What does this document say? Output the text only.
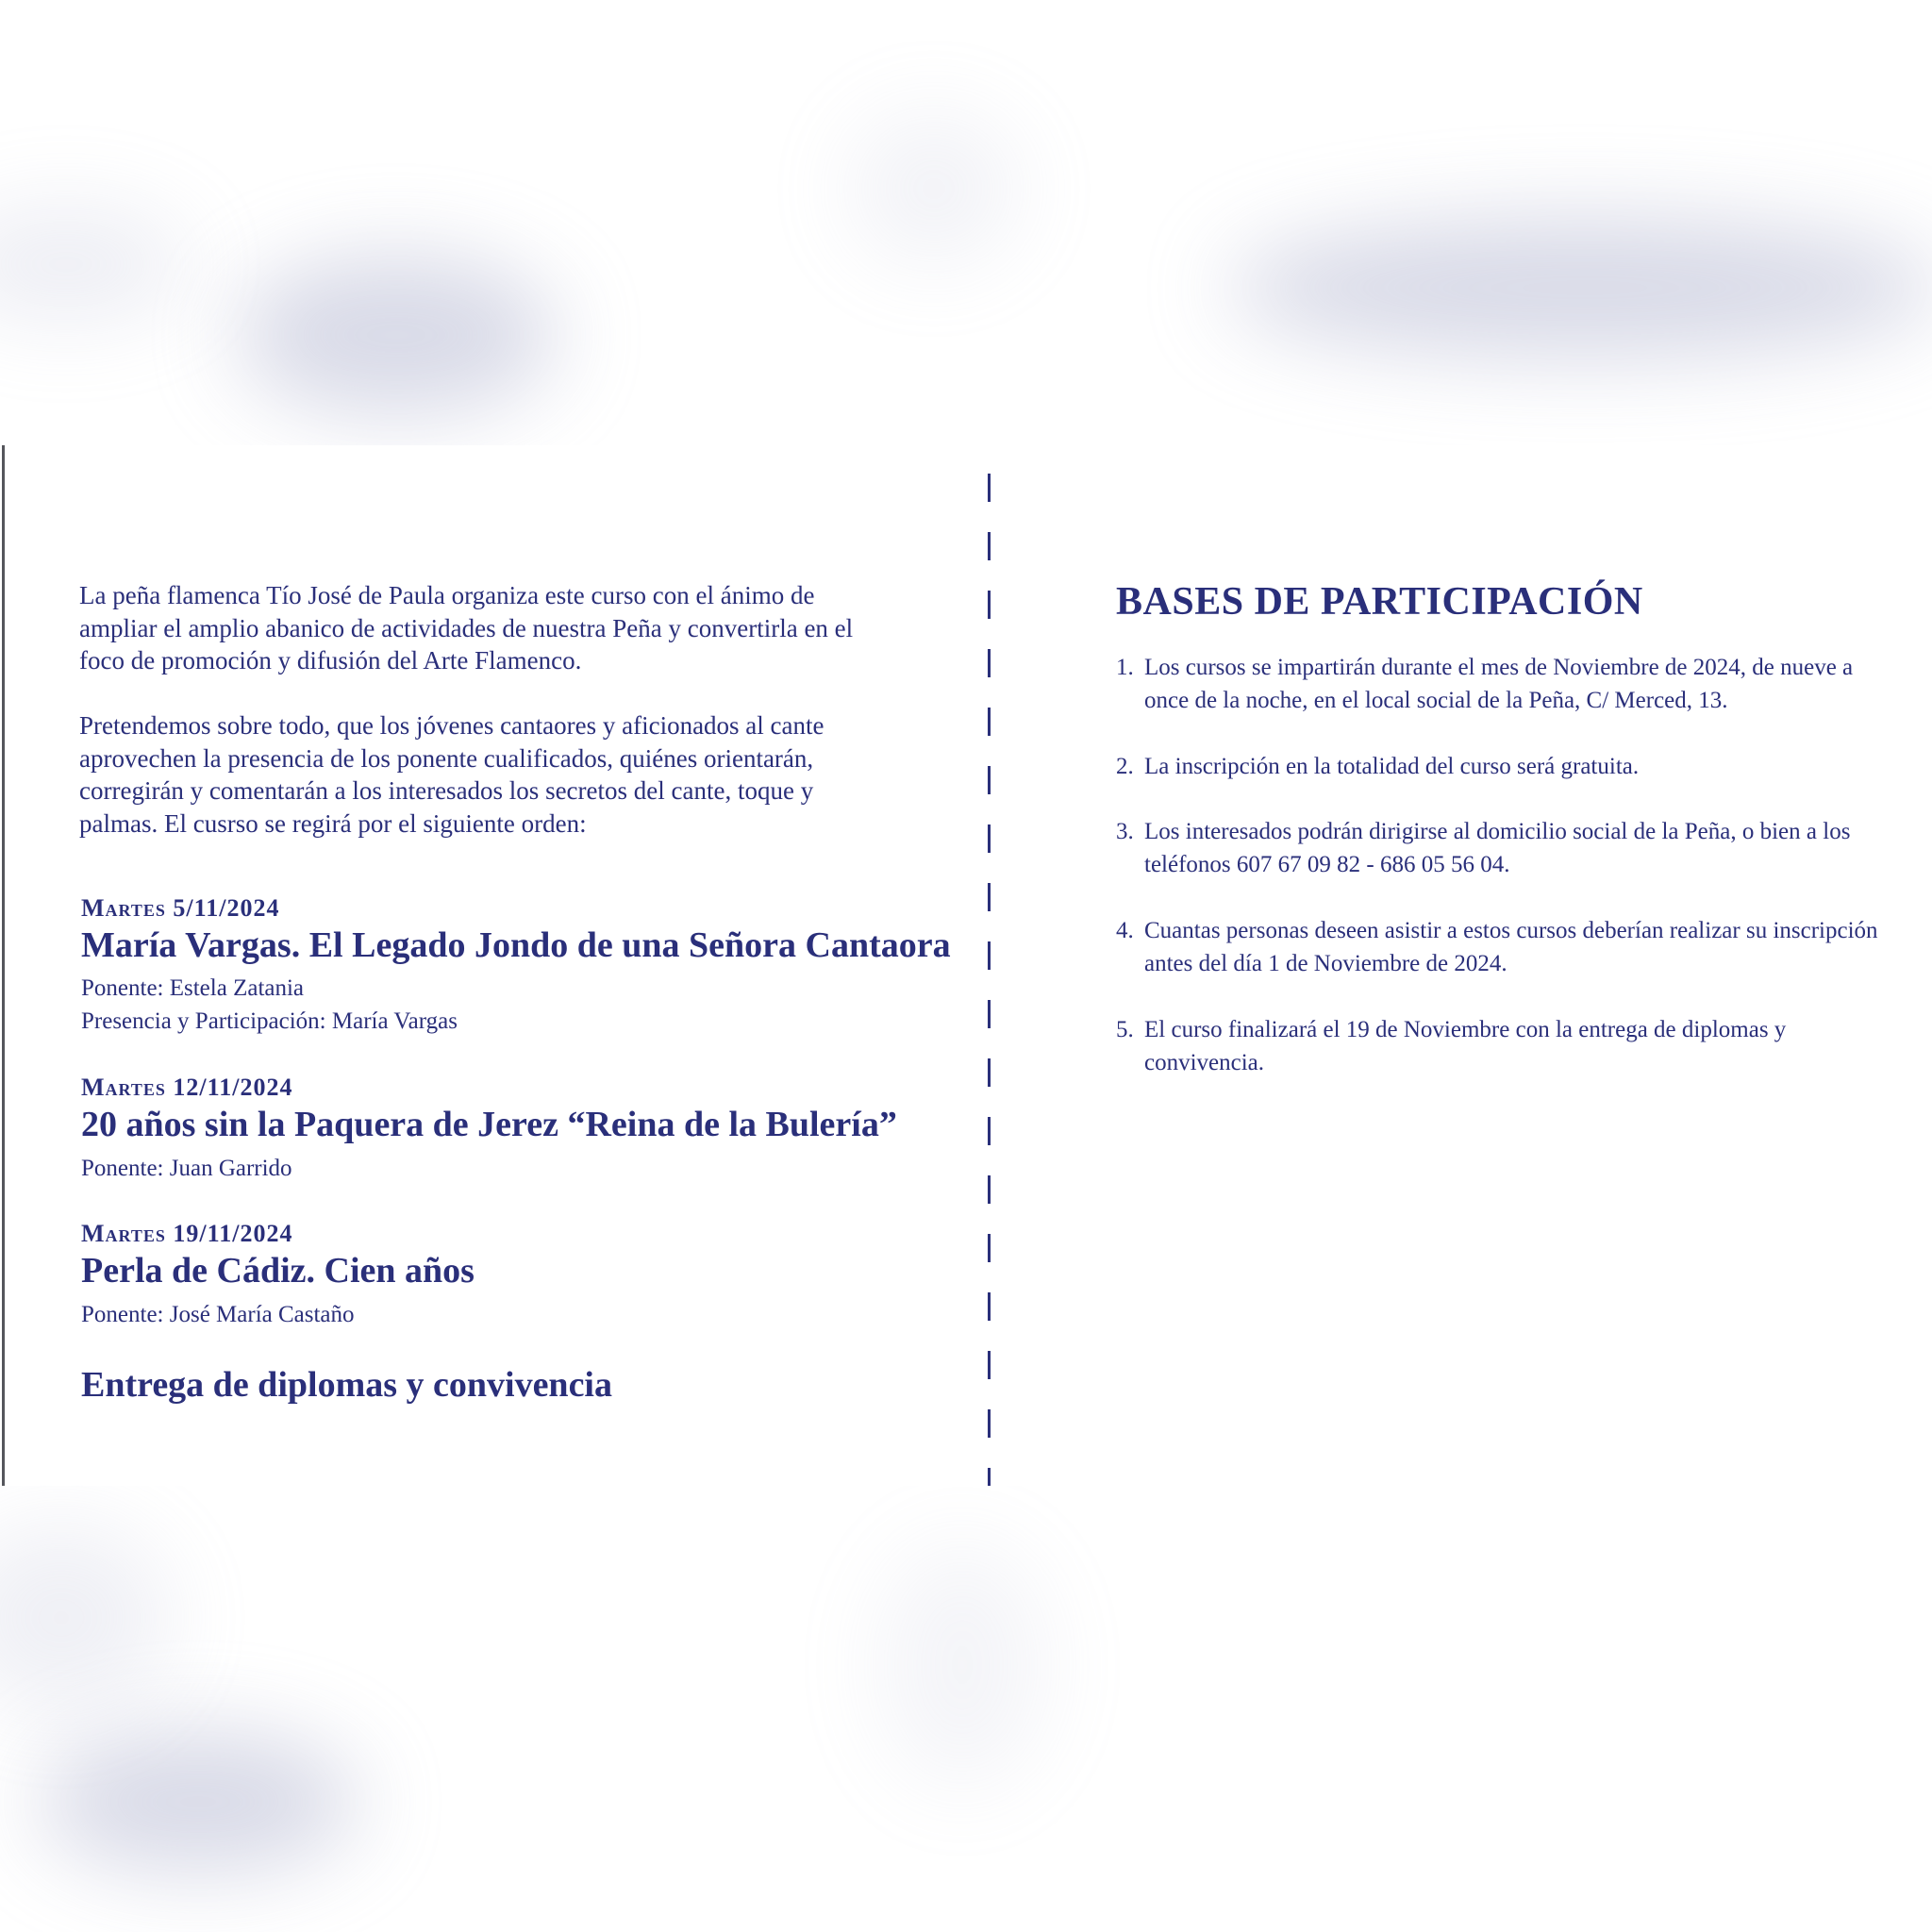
La peña flamenca Tío José de Paula organiza este curso con el ánimo de ampliar el amplio abanico de actividades de nuestra Peña y convertirla en el foco de promoción y difusión del Arte Flamenco.

Pretendemos sobre todo, que los jóvenes cantaores y aficionados al cante aprovechen la presencia de los ponente cualificados, quiénes orientarán, corregirán y comentarán a los interesados los secretos del cante, toque y palmas. El cusrso se regirá por el siguiente orden:

Martes 5/11/2024

María Vargas. El Legado Jondo de una Señora Cantaora

Ponente: Estela Zatania

Presencia y Participación: María Vargas

Martes 12/11/2024

20 años sin la Paquera de Jerez “Reina de la Bulería”

Ponente: Juan Garrido

Martes 19/11/2024

Perla de Cádiz. Cien años

Ponente: José María Castaño

Entrega de diplomas y convivencia

BASES DE PARTICIPACIÓN
1. Los cursos se impartirán durante el mes de Noviembre de 2024, de nueve a once de la noche, en el local social de la Peña, C/ Merced, 13.
2. La inscripción en la totalidad del curso será gratuita.
3. Los interesados podrán dirigirse al domicilio social de la Peña, o bien a los teléfonos 607 67 09 82 - 686 05 56 04.
4. Cuantas personas deseen asistir a estos cursos deberían realizar su inscripción antes del día 1 de Noviembre de 2024.
5. El curso finalizará el 19 de Noviembre con la entrega de diplomas y convivencia.
